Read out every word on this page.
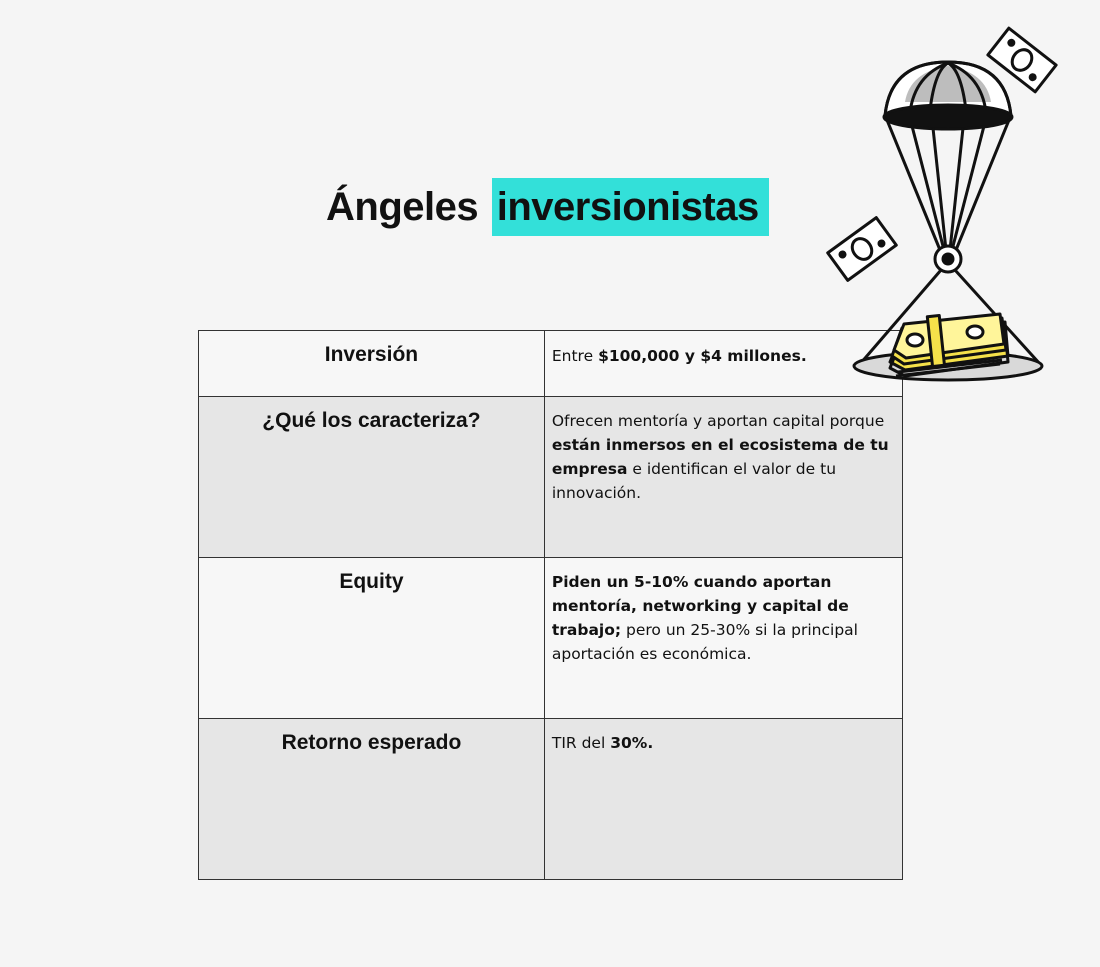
Ángeles inversionistas
Inversión	Entre $100,000 y $4 millones.
¿Qué los caracteriza?	Ofrecen mentoría y aportan capital porque están inmersos en el ecosistema de tu empresa e identifican el valor de tu innovación.
Equity	Piden un 5-10% cuando aportan mentoría, networking y capital de trabajo; pero un 25-30% si la principal aportación es económica.
Retorno esperado	TIR del 30%.
